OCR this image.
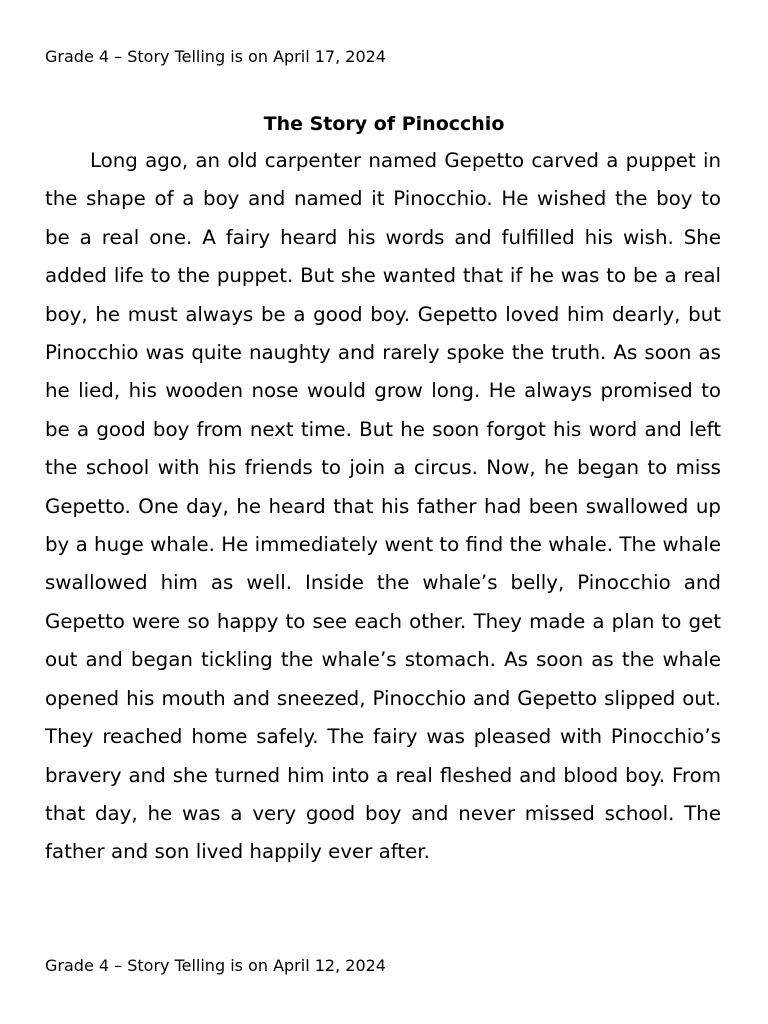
Grade 4 – Story Telling is on April 17, 2024
The Story of Pinocchio

Long ago, an old carpenter named Gepetto carved a puppet in the shape of a boy and named it Pinocchio. He wished the boy to be a real one. A fairy heard his words and fulfilled his wish. She added life to the puppet. But she wanted that if he was to be a real boy, he must always be a good boy. Gepetto loved him dearly, but Pinocchio was quite naughty and rarely spoke the truth. As soon as he lied, his wooden nose would grow long. He always promised to be a good boy from next time. But he soon forgot his word and left the school with his friends to join a circus. Now, he began to miss Gepetto. One day, he heard that his father had been swallowed up by a huge whale. He immediately went to find the whale. The whale swallowed him as well. Inside the whale’s belly, Pinocchio and Gepetto were so happy to see each other. They made a plan to get out and began tickling the whale’s stomach. As soon as the whale opened his mouth and sneezed, Pinocchio and Gepetto slipped out. They reached home safely. The fairy was pleased with Pinocchio’s bravery and she turned him into a real fleshed and blood boy. From that day, he was a very good boy and never missed school. The father and son lived happily ever after.

Grade 4 – Story Telling is on April 12, 2024
